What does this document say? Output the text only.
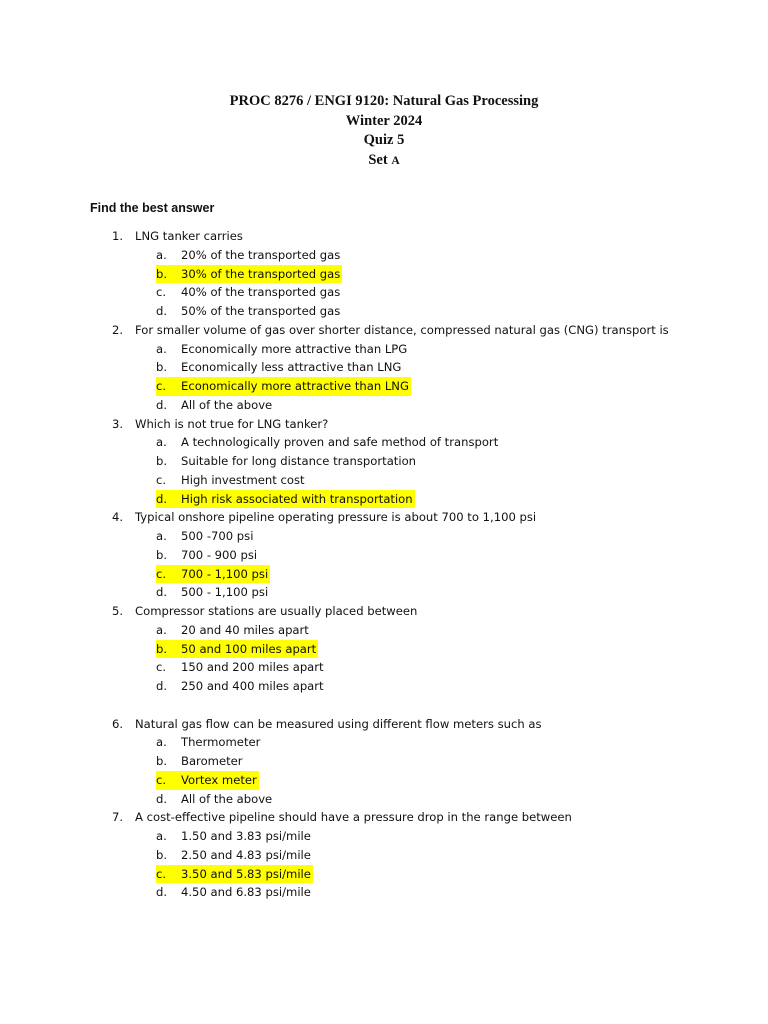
PROC 8276 / ENGI 9120: Natural Gas Processing
Winter 2024
Quiz 5
Set A
Find the best answer
1. LNG tanker carries
a. 20% of the transported gas
b. 30% of the transported gas
c. 40% of the transported gas
d. 50% of the transported gas
2. For smaller volume of gas over shorter distance, compressed natural gas (CNG) transport is
a. Economically more attractive than LPG
b. Economically less attractive than LNG
c. Economically more attractive than LNG
d. All of the above
3. Which is not true for LNG tanker?
a. A technologically proven and safe method of transport
b. Suitable for long distance transportation
c. High investment cost
d. High risk associated with transportation
4. Typical onshore pipeline operating pressure is about 700 to 1,100 psi
a. 500 -700 psi
b. 700 - 900 psi
c. 700 - 1,100 psi
d. 500 - 1,100 psi
5. Compressor stations are usually placed between
a. 20 and 40 miles apart
b. 50 and 100 miles apart
c. 150 and 200 miles apart
d. 250 and 400 miles apart
6. Natural gas flow can be measured using different flow meters such as
a. Thermometer
b. Barometer
c. Vortex meter
d. All of the above
7. A cost-effective pipeline should have a pressure drop in the range between
a. 1.50 and 3.83 psi/mile
b. 2.50 and 4.83 psi/mile
c. 3.50 and 5.83 psi/mile
d. 4.50 and 6.83 psi/mile
